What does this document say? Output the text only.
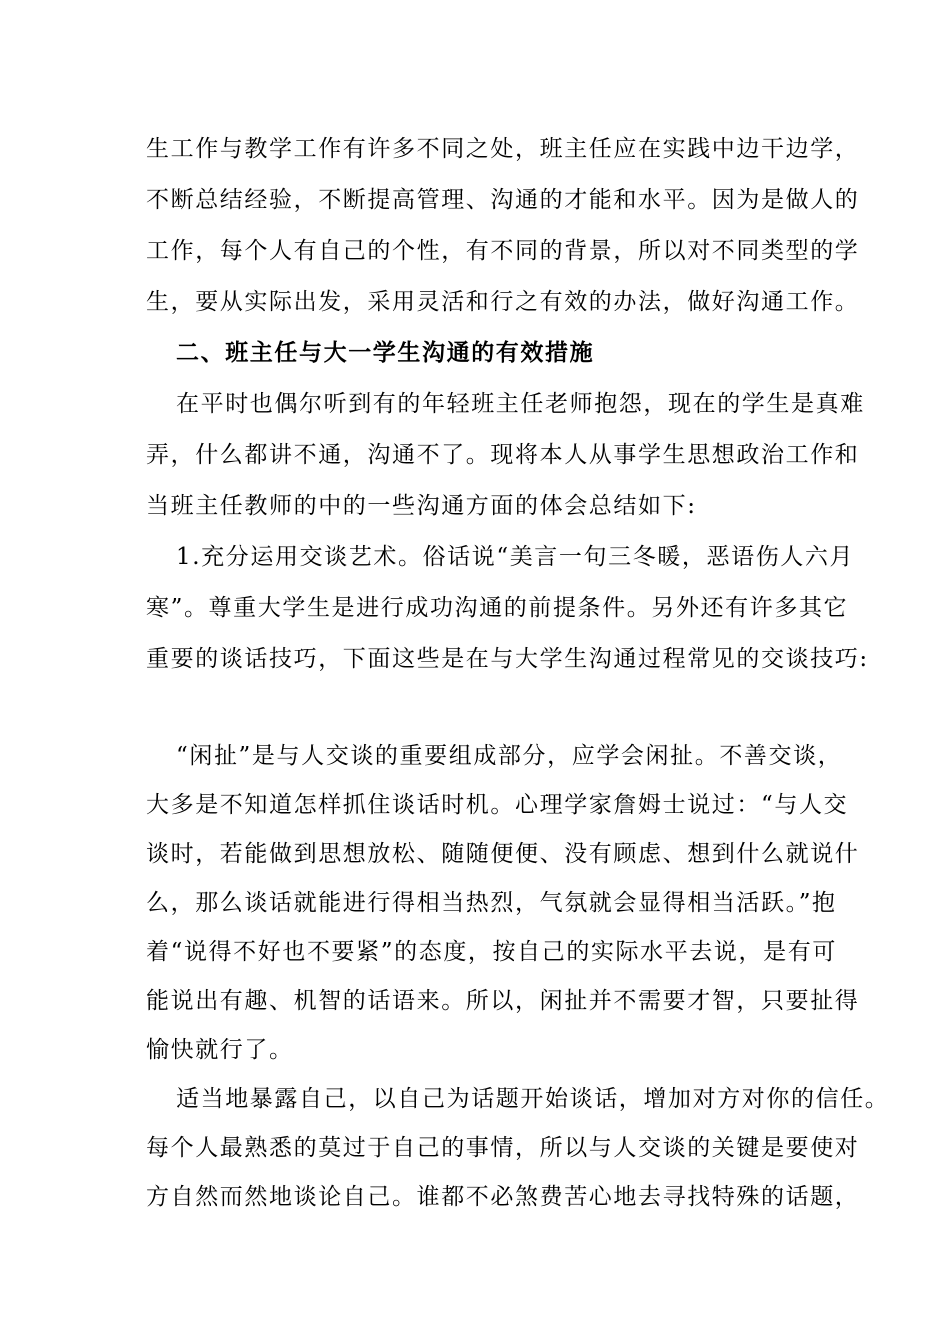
生工作与教学工作有许多不同之处，班主任应在实践中边干边学，
不断总结经验，不断提高管理、沟通的才能和水平。因为是做人的
工作，每个人有自己的个性，有不同的背景，所以对不同类型的学
生，要从实际出发，采用灵活和行之有效的办法，做好沟通工作。
二、班主任与大一学生沟通的有效措施
在平时也偶尔听到有的年轻班主任老师抱怨，现在的学生是真难
弄，什么都讲不通，沟通不了。现将本人从事学生思想政治工作和
当班主任教师的中的一些沟通方面的体会总结如下:
1.充分运用交谈艺术。俗话说“美言一句三冬暖，恶语伤人六月
寒”。尊重大学生是进行成功沟通的前提条件。另外还有许多其它
重要的谈话技巧，下面这些是在与大学生沟通过程常见的交谈技巧:
“闲扯”是与人交谈的重要组成部分，应学会闲扯。不善交谈，
大多是不知道怎样抓住谈话时机。心理学家詹姆士说过：“与人交
谈时，若能做到思想放松、随随便便、没有顾虑、想到什么就说什
么，那么谈话就能进行得相当热烈，气氛就会显得相当活跃。”抱
着“说得不好也不要紧”的态度，按自己的实际水平去说，是有可
能说出有趣、机智的话语来。所以，闲扯并不需要才智，只要扯得
愉快就行了。
适当地暴露自己，以自己为话题开始谈话，增加对方对你的信任。
每个人最熟悉的莫过于自己的事情，所以与人交谈的关键是要使对
方自然而然地谈论自己。谁都不必煞费苦心地去寻找特殊的话题，
